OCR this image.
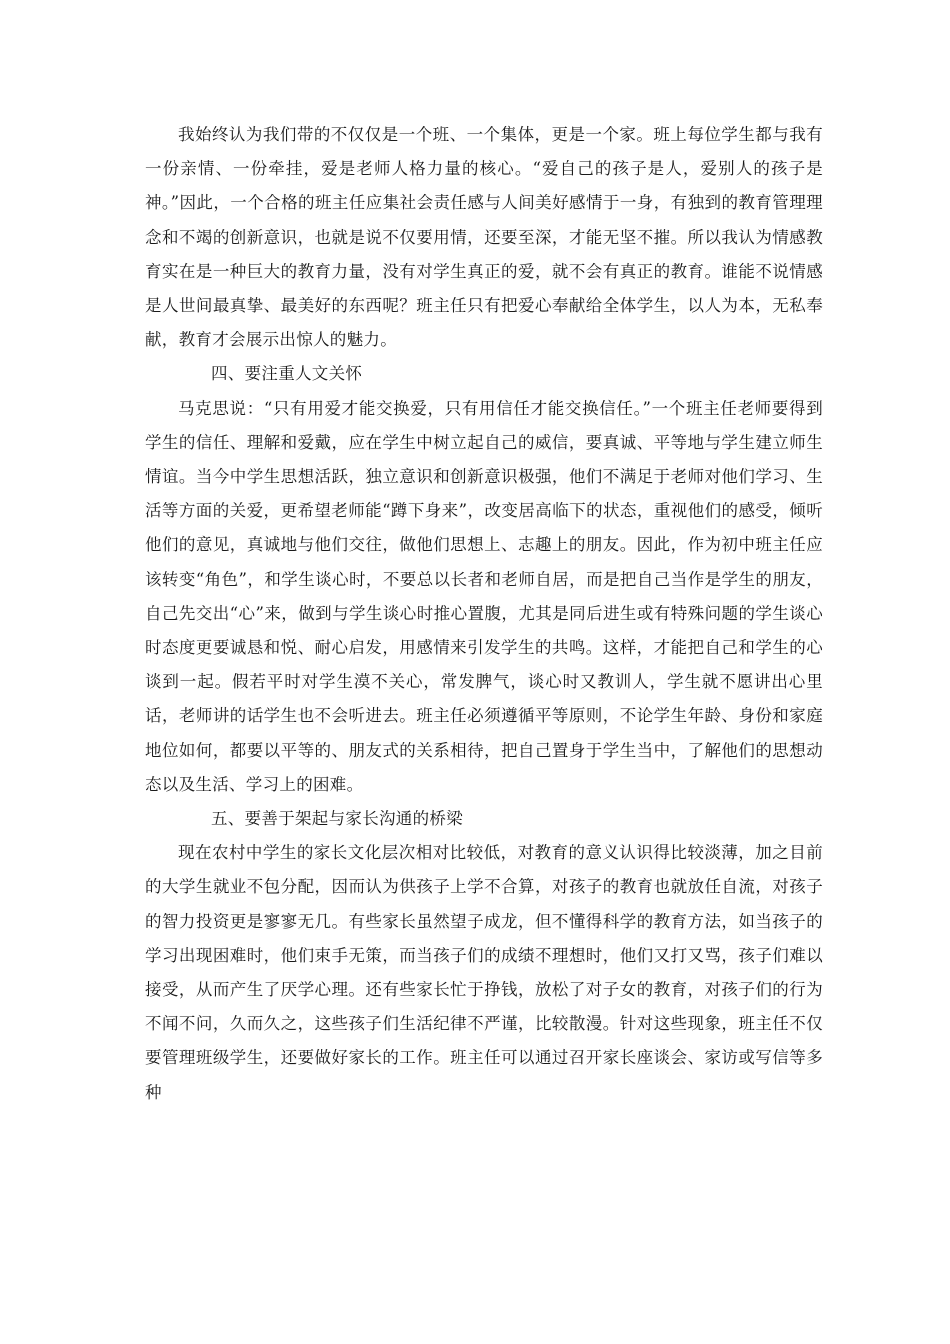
我始终认为我们带的不仅仅是一个班、一个集体，更是一个家。班上每位学生都与我有一份亲情、一份牵挂，爱是老师人格力量的核心。“爱自己的孩子是人，爱别人的孩子是神。”因此，一个合格的班主任应集社会责任感与人间美好感情于一身，有独到的教育管理理念和不竭的创新意识，也就是说不仅要用情，还要至深，才能无坚不摧。所以我认为情感教育实在是一种巨大的教育力量，没有对学生真正的爱，就不会有真正的教育。谁能不说情感是人世间最真挚、最美好的东西呢？班主任只有把爱心奉献给全体学生，以人为本，无私奉献，教育才会展示出惊人的魅力。

四、要注重人文关怀

马克思说：“只有用爱才能交换爱，只有用信任才能交换信任。”一个班主任老师要得到学生的信任、理解和爱戴，应在学生中树立起自己的威信，要真诚、平等地与学生建立师生情谊。当今中学生思想活跃，独立意识和创新意识极强，他们不满足于老师对他们学习、生活等方面的关爱，更希望老师能“蹲下身来”，改变居高临下的状态，重视他们的感受，倾听他们的意见，真诚地与他们交往，做他们思想上、志趣上的朋友。因此，作为初中班主任应该转变“角色”，和学生谈心时，不要总以长者和老师自居，而是把自己当作是学生的朋友，自己先交出“心”来，做到与学生谈心时推心置腹，尤其是同后进生或有特殊问题的学生谈心时态度更要诚恳和悦、耐心启发，用感情来引发学生的共鸣。这样，才能把自己和学生的心谈到一起。假若平时对学生漠不关心，常发脾气，谈心时又教训人，学生就不愿讲出心里话，老师讲的话学生也不会听进去。班主任必须遵循平等原则，不论学生年龄、身份和家庭地位如何，都要以平等的、朋友式的关系相待，把自己置身于学生当中，了解他们的思想动态以及生活、学习上的困难。

五、要善于架起与家长沟通的桥梁

现在农村中学生的家长文化层次相对比较低，对教育的意义认识得比较淡薄，加之目前的大学生就业不包分配，因而认为供孩子上学不合算，对孩子的教育也就放任自流，对孩子的智力投资更是寥寥无几。有些家长虽然望子成龙，但不懂得科学的教育方法，如当孩子的学习出现困难时，他们束手无策，而当孩子们的成绩不理想时，他们又打又骂，孩子们难以接受，从而产生了厌学心理。还有些家长忙于挣钱，放松了对子女的教育，对孩子们的行为不闻不问，久而久之，这些孩子们生活纪律不严谨，比较散漫。针对这些现象，班主任不仅要管理班级学生，还要做好家长的工作。班主任可以通过召开家长座谈会、家访或写信等多种
